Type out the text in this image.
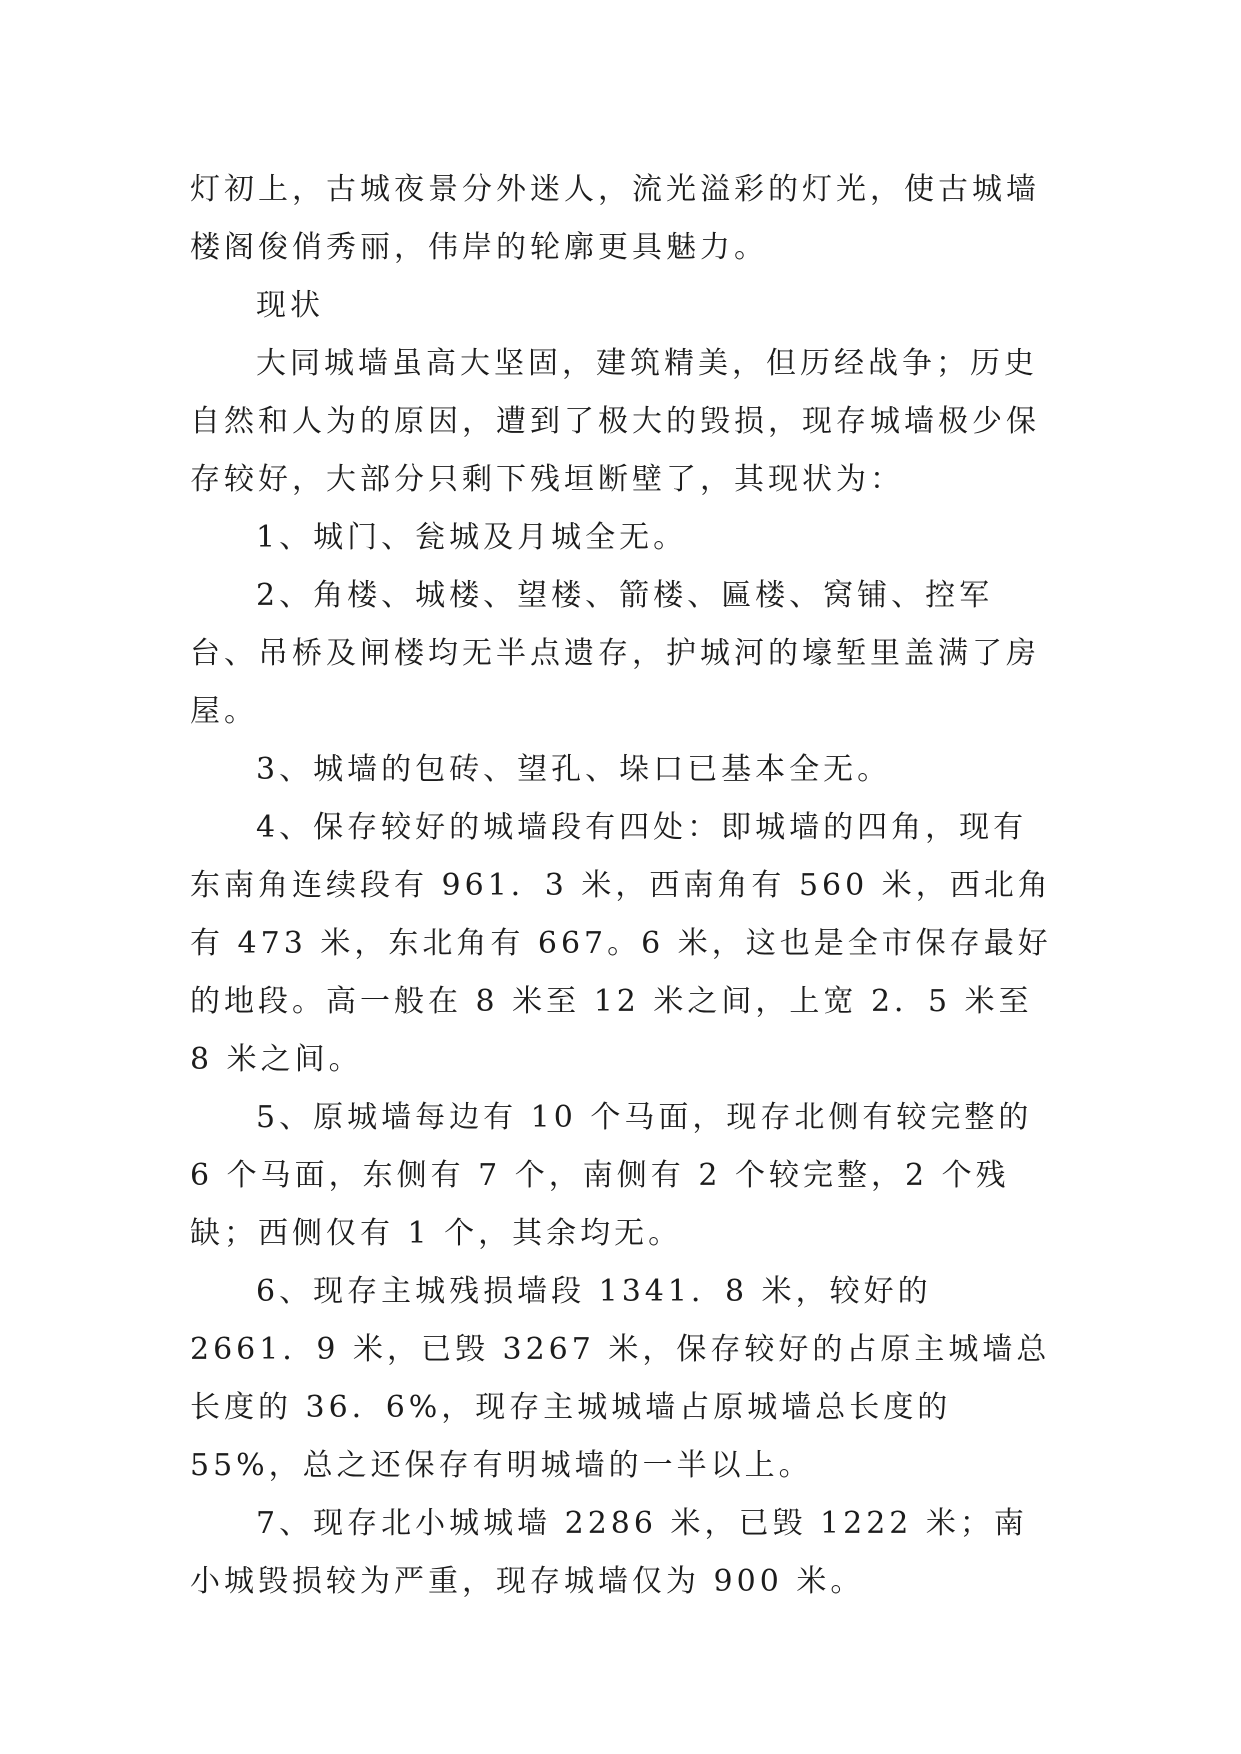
灯初上，古城夜景分外迷人，流光溢彩的灯光，使古城墙楼阁俊俏秀丽，伟岸的轮廓更具魅力。

现状

大同城墙虽高大坚固，建筑精美，但历经战争；历史自然和人为的原因，遭到了极大的毁损，现存城墙极少保存较好，大部分只剩下残垣断壁了，其现状为：

1、城门、瓮城及月城全无。

2、角楼、城楼、望楼、箭楼、匾楼、窝铺、控军台、吊桥及闸楼均无半点遗存，护城河的壕堑里盖满了房屋。

3、城墙的包砖、望孔、垛口已基本全无。

4、保存较好的城墙段有四处：即城墙的四角，现有东南角连续段有 961．3 米，西南角有 560 米，西北角有 473 米，东北角有 667。6 米，这也是全市保存最好的地段。高一般在 8 米至 12 米之间，上宽 2．5 米至 8 米之间。

5、原城墙每边有 10 个马面，现存北侧有较完整的 6 个马面，东侧有 7 个，南侧有 2 个较完整，2 个残缺；西侧仅有 1 个，其余均无。

6、现存主城残损墙段 1341．8 米，较好的 2661．9 米，已毁 3267 米，保存较好的占原主城墙总长度的 36．6%，现存主城城墙占原城墙总长度的 55%，总之还保存有明城墙的一半以上。

7、现存北小城城墙 2286 米，已毁 1222 米；南小城毁损较为严重，现存城墙仅为 900 米。
